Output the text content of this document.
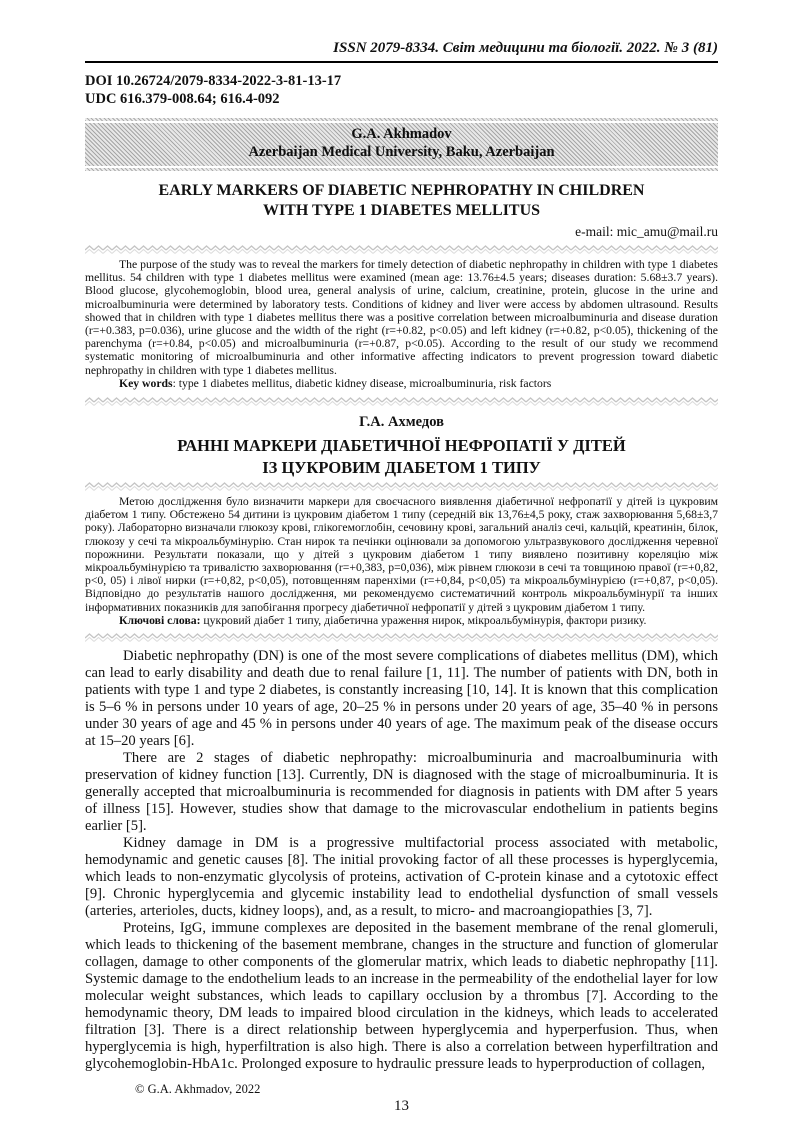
ISSN 2079-8334. Світ медицини та біології. 2022. № 3 (81)
DOI 10.26724/2079-8334-2022-3-81-13-17
UDC 616.379-008.64; 616.4-092
G.A. Akhmadov
Azerbaijan Medical University, Baku, Azerbaijan
EARLY MARKERS OF DIABETIC NEPHROPATHY IN CHILDREN
WITH TYPE 1 DIABETES MELLITUS
e-mail: mic_amu@mail.ru

The purpose of the study was to reveal the markers for timely detection of diabetic nephropathy in children with type 1 diabetes mellitus. 54 children with type 1 diabetes mellitus were examined (mean age: 13.76±4.5 years; diseases duration: 5.68±3.7 years). Blood glucose, glycohemoglobin, blood urea, general analysis of urine, calcium, creatinine, protein, glucose in the urine and microalbuminuria were determined by laboratory tests. Conditions of kidney and liver were access by abdomen ultrasound. Results showed that in children with type 1 diabetes mellitus there was a positive correlation between microalbuminuria and disease duration (r=+0.383, p=0.036), urine glucose and the width of the right (r=+0.82, p<0.05) and left kidney (r=+0.82, p<0.05), thickening of the parenchyma (r=+0.84, p<0.05) and microalbuminuria (r=+0.87, p<0.05). According to the result of our study we recommend systematic monitoring of microalbuminuria and other informative affecting indicators to prevent progression toward diabetic nephropathy in children with type 1 diabetes mellitus.

Key words: type 1 diabetes mellitus, diabetic kidney disease, microalbuminuria, risk factors

Г.А. Ахмедов
РАННІ МАРКЕРИ ДІАБЕТИЧНОЇ НЕФРОПАТІЇ У ДІТЕЙ
ІЗ ЦУКРОВИМ ДІАБЕТОМ 1 ТИПУ

Метою дослідження було визначити маркери для своєчасного виявлення діабетичної нефропатії у дітей із цукровим діабетом 1 типу. Обстежено 54 дитини із цукровим діабетом 1 типу (середній вік 13,76±4,5 року, стаж захворювання 5,68±3,7 року). Лабораторно визначали глюкозу крові, глікогемоглобін, сечовину крові, загальний аналіз сечі, кальцій, креатинін, білок, глюкозу у сечі та мікроальбумінурію. Стан нирок та печінки оцінювали за допомогою ультразвукового дослідження черевної порожнини. Результати показали, що у дітей з цукровим діабетом 1 типу виявлено позитивну кореляцію між мікроальбумінурією та тривалістю захворювання (r=+0,383, p=0,036), між рівнем глюкози в сечі та товщиною правої (r=+0,82, p<0, 05) і лівої нирки (r=+0,82, p<0,05), потовщенням паренхіми (r=+0,84, p<0,05) та мікроальбумінурією (r=+0,87, p<0,05). Відповідно до результатів нашого дослідження, ми рекомендуємо систематичний контроль мікроальбумінурії та інших інформативних показників для запобігання прогресу діабетичної нефропатії у дітей з цукровим діабетом 1 типу.

Ключові слова: цукровий діабет 1 типу, діабетична ураження нирок, мікроальбумінурія, фактори ризику.

Diabetic nephropathy (DN) is one of the most severe complications of diabetes mellitus (DM), which can lead to early disability and death due to renal failure [1, 11]. The number of patients with DN, both in patients with type 1 and type 2 diabetes, is constantly increasing [10, 14]. It is known that this complication is 5–6 % in persons under 10 years of age, 20–25 % in persons under 20 years of age, 35–40 % in persons under 30 years of age and 45 % in persons under 40 years of age. The maximum peak of the disease occurs at 15–20 years [6].

There are 2 stages of diabetic nephropathy: microalbuminuria and macroalbuminuria with preservation of kidney function [13]. Currently, DN is diagnosed with the stage of microalbuminuria. It is generally accepted that microalbuminuria is recommended for diagnosis in patients with DM after 5 years of illness [15]. However, studies show that damage to the microvascular endothelium in patients begins earlier [5].

Kidney damage in DM is a progressive multifactorial process associated with metabolic, hemodynamic and genetic causes [8]. The initial provoking factor of all these processes is hyperglycemia, which leads to non-enzymatic glycolysis of proteins, activation of C-protein kinase and a cytotoxic effect [9]. Chronic hyperglycemia and glycemic instability lead to endothelial dysfunction of small vessels (arteries, arterioles, ducts, kidney loops), and, as a result, to micro- and macroangiopathies [3, 7].

Proteins, IgG, immune complexes are deposited in the basement membrane of the renal glomeruli, which leads to thickening of the basement membrane, changes in the structure and function of glomerular collagen, damage to other components of the glomerular matrix, which leads to diabetic nephropathy [11]. Systemic damage to the endothelium leads to an increase in the permeability of the endothelial layer for low molecular weight substances, which leads to capillary occlusion by a thrombus [7]. According to the hemodynamic theory, DM leads to impaired blood circulation in the kidneys, which leads to accelerated filtration [3]. There is a direct relationship between hyperglycemia and hyperperfusion. Thus, when hyperglycemia is high, hyperfiltration is also high. There is also a correlation between hyperfiltration and glycohemoglobin-HbA1c. Prolonged exposure to hydraulic pressure leads to hyperproduction of collagen,

© G.A. Akhmadov, 2022
13
